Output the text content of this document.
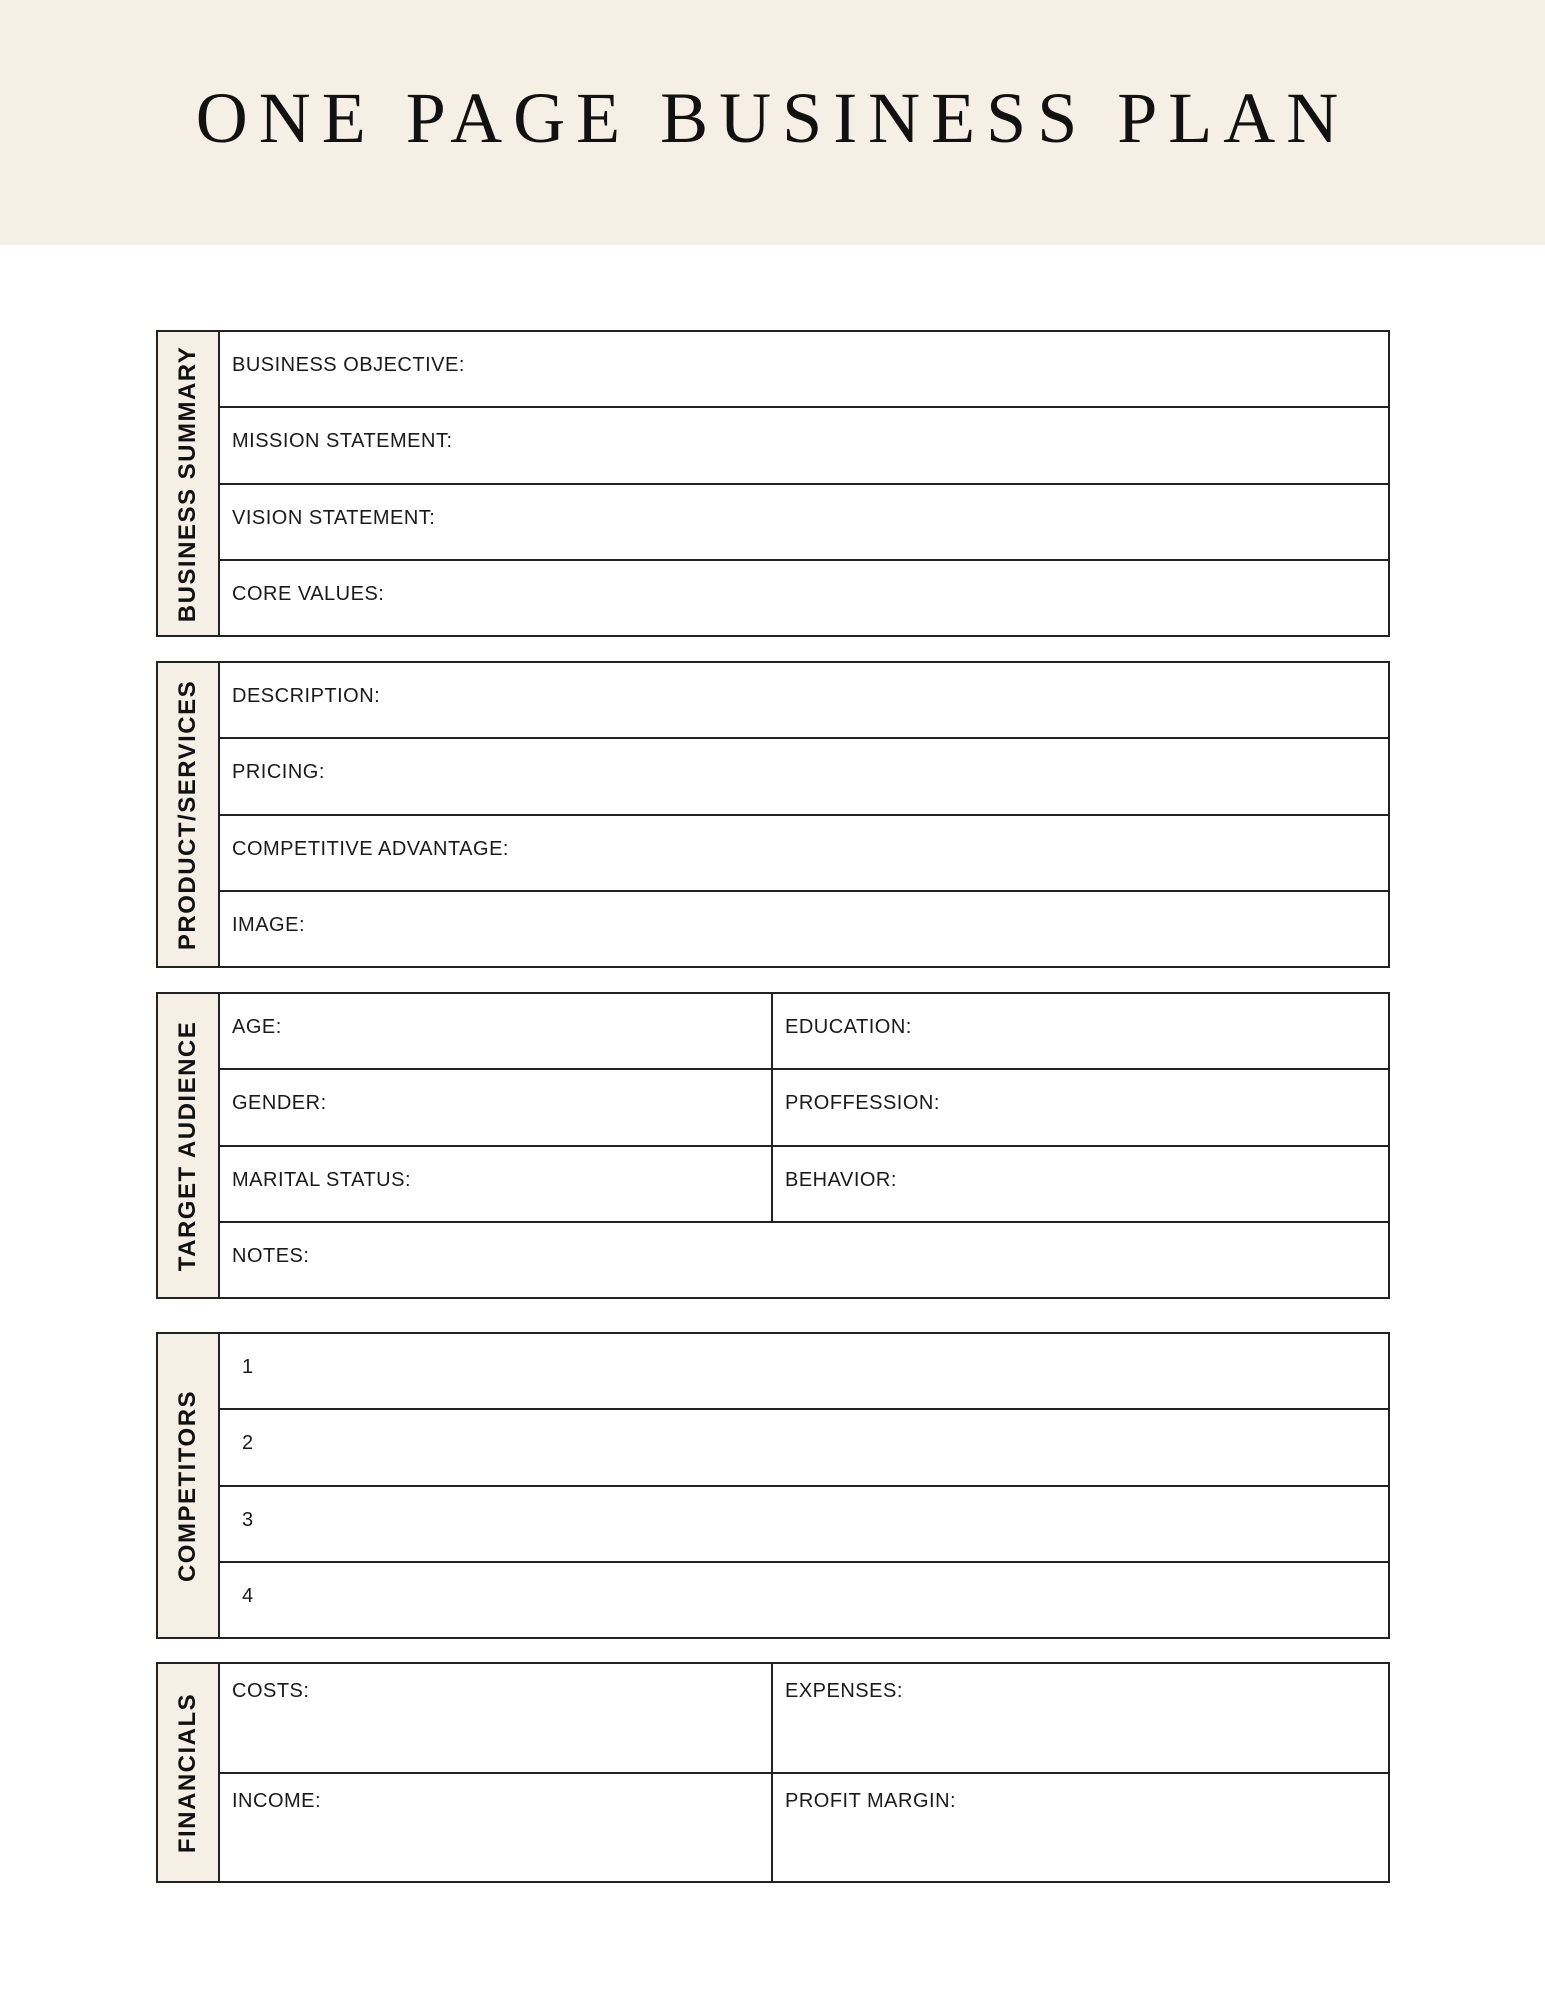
ONE PAGE BUSINESS PLAN
BUSINESS SUMMARY	BUSINESS OBJECTIVE:
MISSION STATEMENT:
VISION STATEMENT:
CORE VALUES:
PRODUCT/SERVICES	DESCRIPTION:
PRICING:
COMPETITIVE ADVANTAGE:
IMAGE:
TARGET AUDIENCE	AGE:	EDUCATION:
GENDER:	PROFFESSION:
MARITAL STATUS:	BEHAVIOR:
NOTES:
COMPETITORS
1
2
3
4
FINANCIALS
COSTS:	EXPENSES:
INCOME:	PROFIT MARGIN:
